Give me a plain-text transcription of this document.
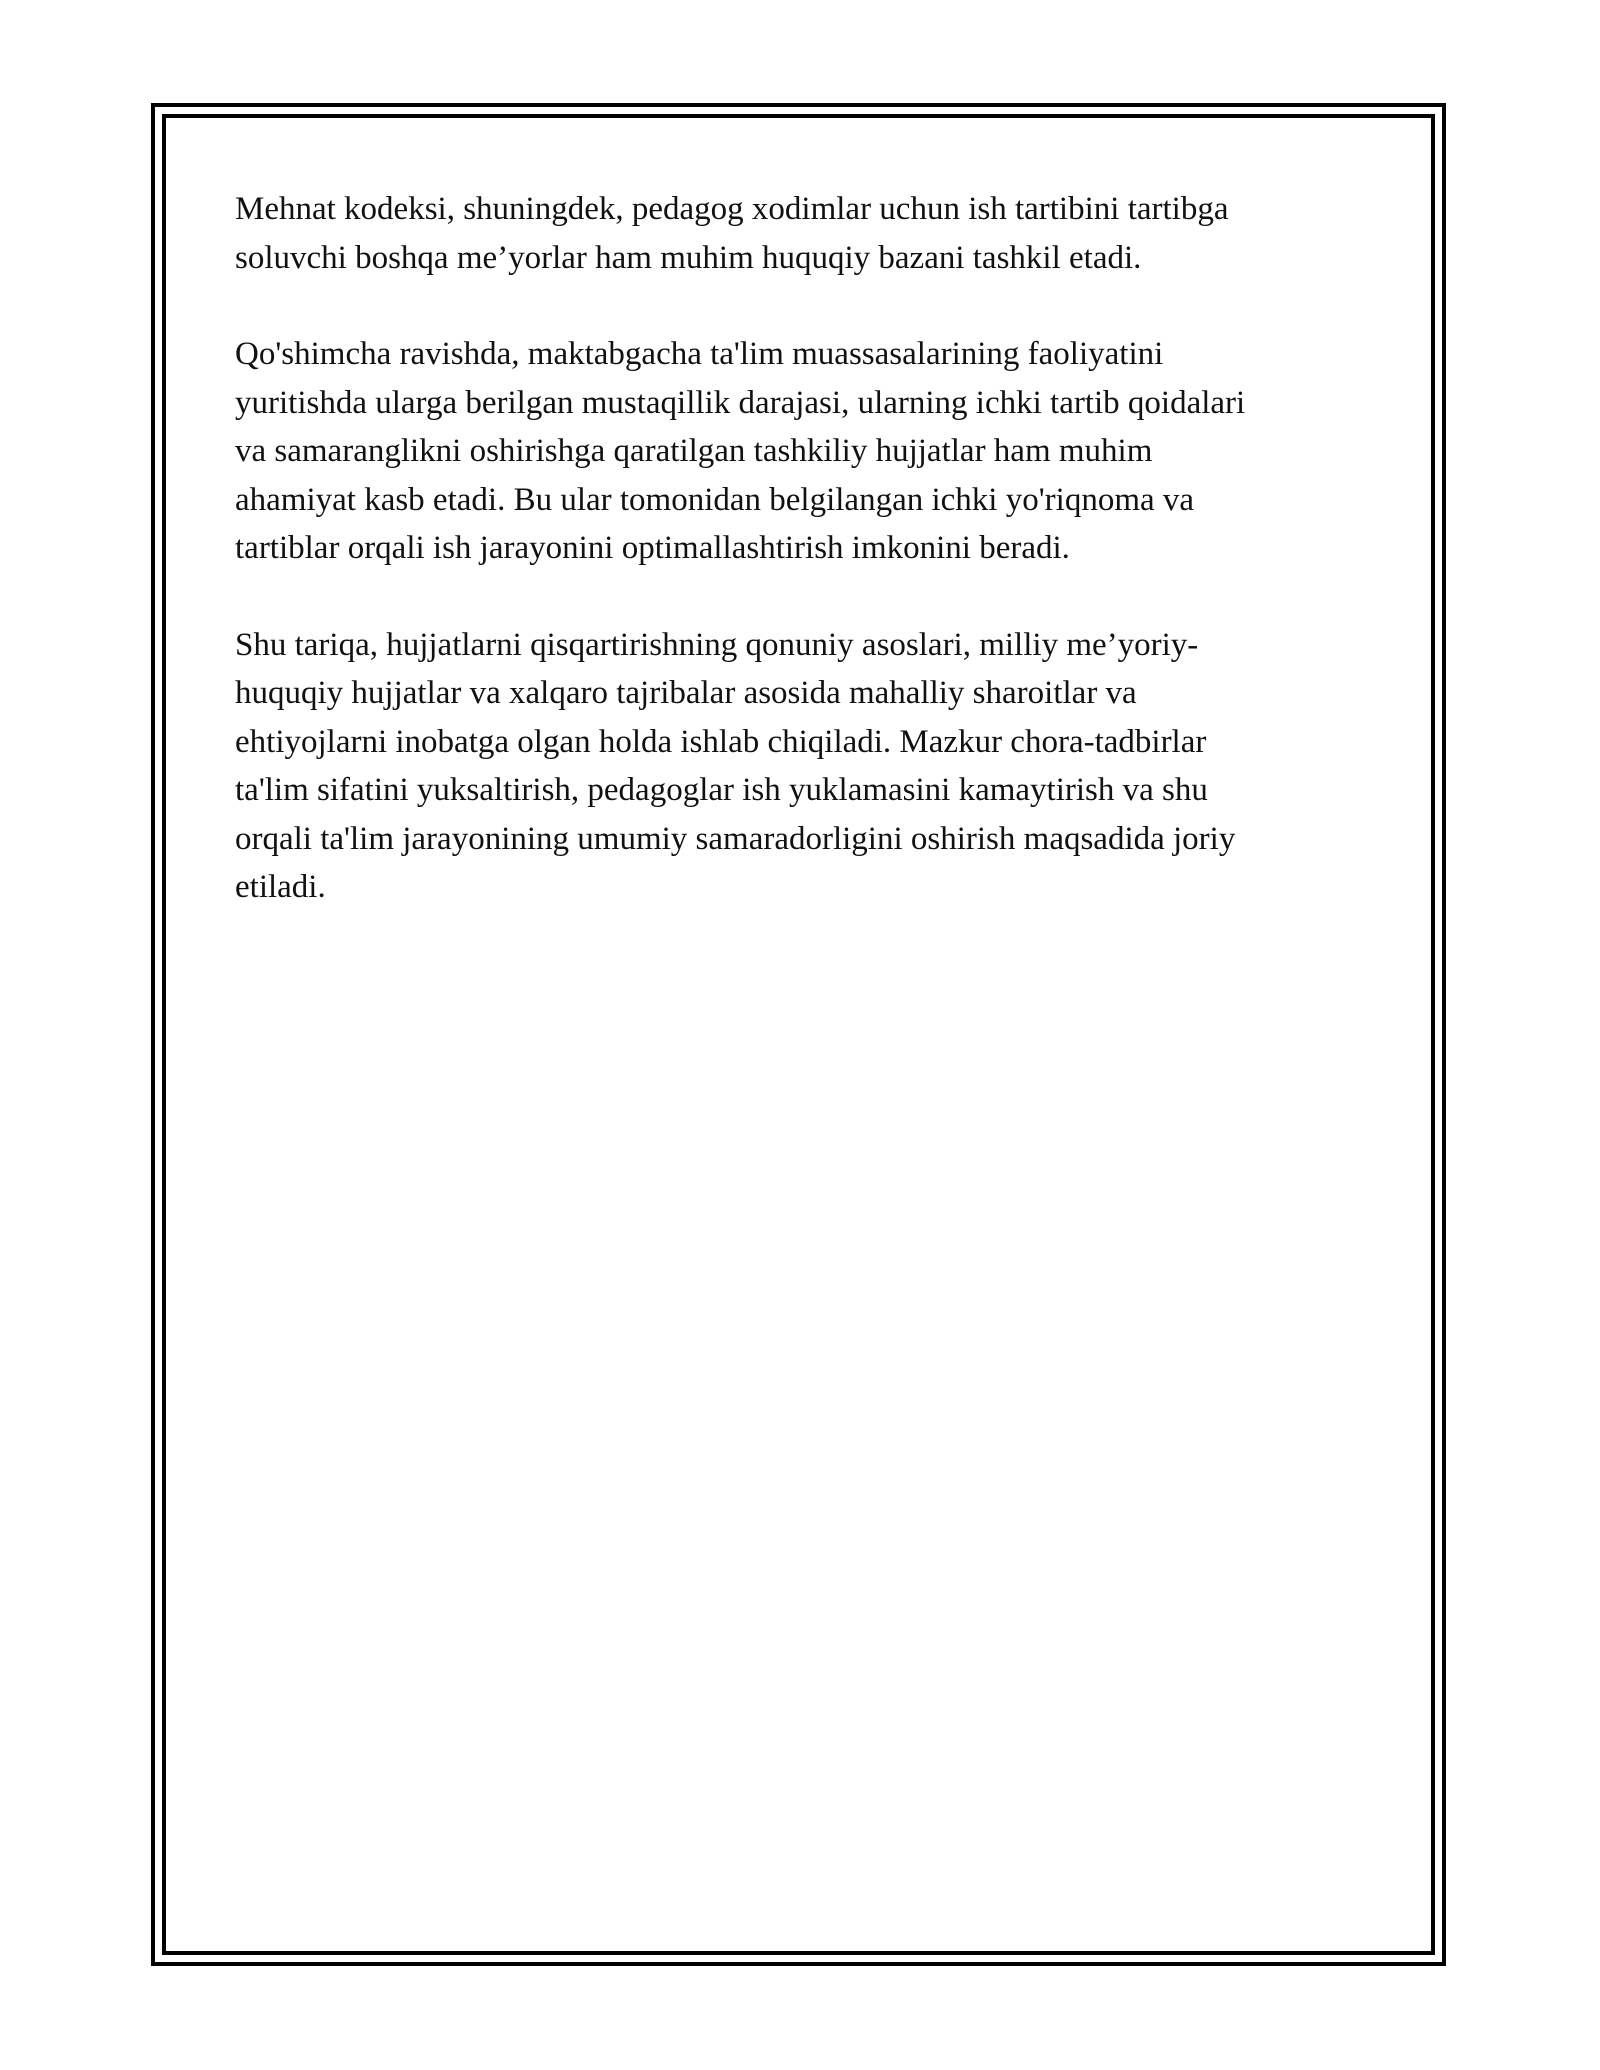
Mehnat kodeksi, shuningdek, pedagog xodimlar uchun ish tartibini tartibga
soluvchi boshqa me’yorlar ham muhim huquqiy bazani tashkil etadi.

Qo'shimcha ravishda, maktabgacha ta'lim muassasalarining faoliyatini
yuritishda ularga berilgan mustaqillik darajasi, ularning ichki tartib qoidalari
va samaranglikni oshirishga qaratilgan tashkiliy hujjatlar ham muhim
ahamiyat kasb etadi. Bu ular tomonidan belgilangan ichki yo'riqnoma va
tartiblar orqali ish jarayonini optimallashtirish imkonini beradi.

Shu tariqa, hujjatlarni qisqartirishning qonuniy asoslari, milliy me’yoriy-
huquqiy hujjatlar va xalqaro tajribalar asosida mahalliy sharoitlar va
ehtiyojlarni inobatga olgan holda ishlab chiqiladi. Mazkur chora-tadbirlar
ta'lim sifatini yuksaltirish, pedagoglar ish yuklamasini kamaytirish va shu
orqali ta'lim jarayonining umumiy samaradorligini oshirish maqsadida joriy
etiladi.
